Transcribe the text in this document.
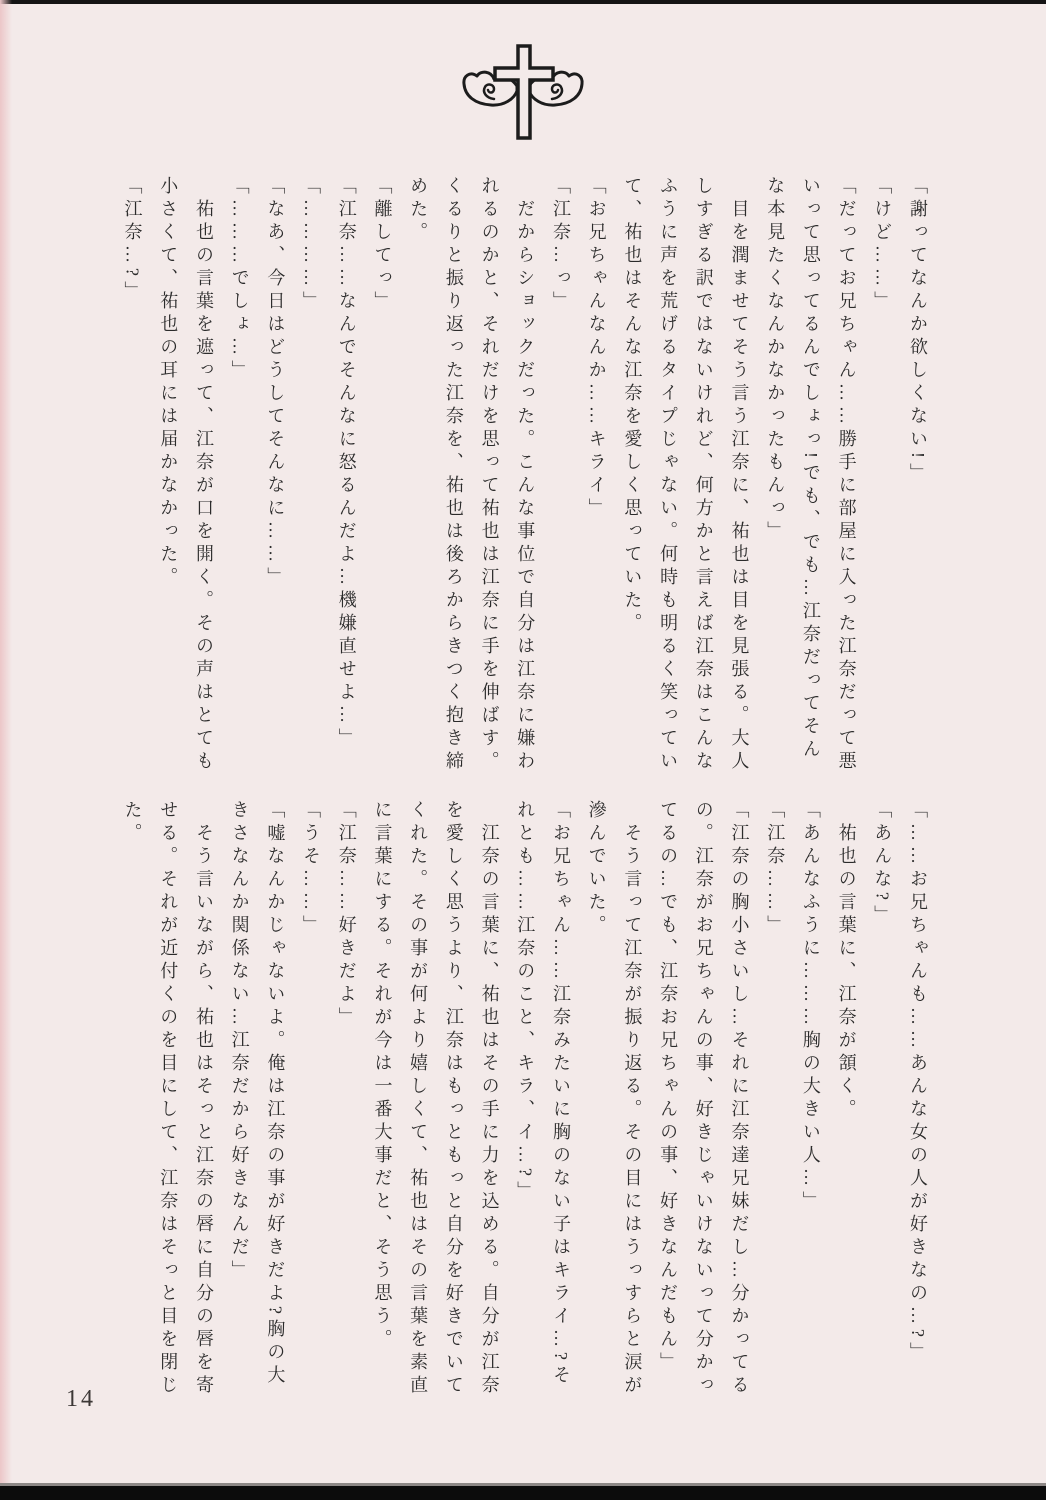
「謝ってなんか欲しくない!」
「けど……」
「だってお兄ちゃん……勝手に部屋に入った江奈だって悪
いって思ってるんでしょっ!でも、でも…江奈だってそん
な本見たくなんかなかったもんっ」
目を潤ませてそう言う江奈に、祐也は目を見張る。大人
しすぎる訳ではないけれど、何方かと言えば江奈はこんな
ふうに声を荒げるタイプじゃない。何時も明るく笑ってい
て、祐也はそんな江奈を愛しく思っていた。
「お兄ちゃんなんか……キライ」
「江奈…っ」
だからショックだった。こんな事位で自分は江奈に嫌わ
れるのかと、それだけを思って祐也は江奈に手を伸ばす。
くるりと振り返った江奈を、祐也は後ろからきつく抱き締
めた。
「離してっ」
「江奈……なんでそんなに怒るんだよ…機嫌直せよ…」
「…………」
「なあ、今日はどうしてそんなに……」
「………でしょ…」
祐也の言葉を遮って、江奈が口を開く。その声はとても
小さくて、祐也の耳には届かなかった。
「江奈…?」
「……お兄ちゃんも……あんな女の人が好きなの…?」
「あんな?」
祐也の言葉に、江奈が頷く。
「あんなふうに………胸の大きい人…」
「江奈……」
「江奈の胸小さいし…それに江奈達兄妹だし…分かってる
の。江奈がお兄ちゃんの事、好きじゃいけないって分かっ
てるの…でも、江奈お兄ちゃんの事、好きなんだもん」
そう言って江奈が振り返る。その目にはうっすらと涙が
滲んでいた。
「お兄ちゃん……江奈みたいに胸のない子はキライ…?そ
れとも……江奈のこと、キラ、イ…?」
江奈の言葉に、祐也はその手に力を込める。自分が江奈
を愛しく思うより、江奈はもっともっと自分を好きでいて
くれた。その事が何より嬉しくて、祐也はその言葉を素直
に言葉にする。それが今は一番大事だと、そう思う。
「江奈……好きだよ」
「うそ……」
「嘘なんかじゃないよ。俺は江奈の事が好きだよ?胸の大
きさなんか関係ない…江奈だから好きなんだ」
そう言いながら、祐也はそっと江奈の唇に自分の唇を寄
せる。それが近付くのを目にして、江奈はそっと目を閉じ
た。
14
